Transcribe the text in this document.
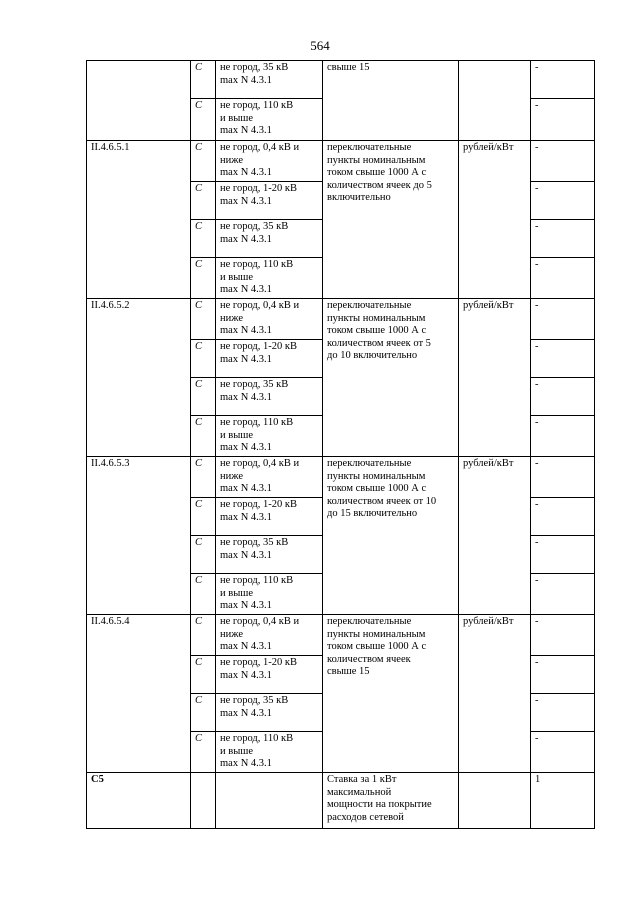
564
	С	не город, 35 кВ
max N 4.3.1	свыше 15		-
	С	не город, 110 кВ
и выше
max N 4.3.1			-
II.4.6.5.1	С	не город, 0,4 кВ и
ниже
max N 4.3.1	переключательные
пункты номинальным
током свыше 1000 А с
количеством ячеек до 5
включительно	рублей/кВт	-
	С	не город, 1-20 кВ
max N 4.3.1			-
	С	не город, 35 кВ
max N 4.3.1			-
	С	не город, 110 кВ
и выше
max N 4.3.1			-
II.4.6.5.2	С	не город, 0,4 кВ и
ниже
max N 4.3.1	переключательные
пункты номинальным
током свыше 1000 А с
количеством ячеек от 5
до 10 включительно	рублей/кВт	-
	С	не город, 1-20 кВ
max N 4.3.1			-
	С	не город, 35 кВ
max N 4.3.1			-
	С	не город, 110 кВ
и выше
max N 4.3.1			-
II.4.6.5.3	С	не город, 0,4 кВ и
ниже
max N 4.3.1	переключательные
пункты номинальным
током свыше 1000 А с
количеством ячеек от 10
до 15 включительно	рублей/кВт	-
	С	не город, 1-20 кВ
max N 4.3.1			-
	С	не город, 35 кВ
max N 4.3.1			-
	С	не город, 110 кВ
и выше
max N 4.3.1			-
II.4.6.5.4	С	не город, 0,4 кВ и
ниже
max N 4.3.1	переключательные
пункты номинальным
током свыше 1000 А с
количеством ячеек
свыше 15	рублей/кВт	-
	С	не город, 1-20 кВ
max N 4.3.1			-
	С	не город, 35 кВ
max N 4.3.1			-
	С	не город, 110 кВ
и выше
max N 4.3.1			-
С5			Ставка за 1 кВт
максимальной
мощности на покрытие
расходов сетевой		1
